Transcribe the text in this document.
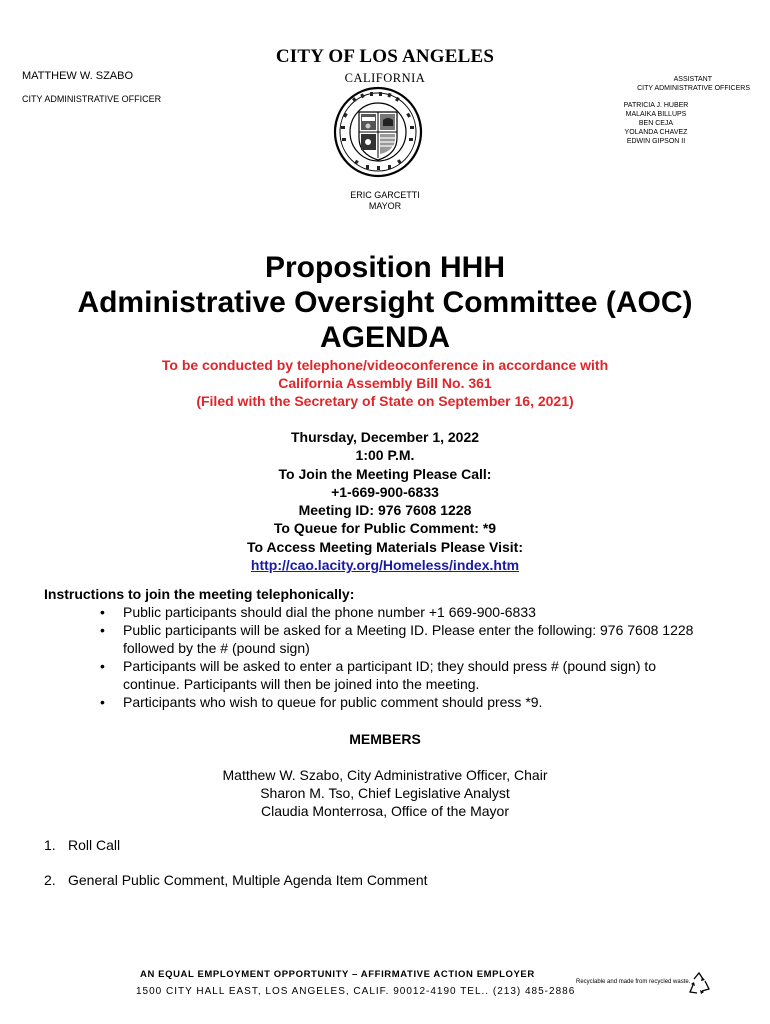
CITY OF LOS ANGELES
CALIFORNIA
MATTHEW W. SZABO
CITY ADMINISTRATIVE OFFICER
ASSISTANT
CITY ADMINISTRATIVE OFFICERS
PATRICIA J. HUBER
MALAIKA BILLUPS
BEN CEJA
YOLANDA CHAVEZ
EDWIN GIPSON II
ERIC GARCETTI
MAYOR
Proposition HHH
Administrative Oversight Committee (AOC)
AGENDA
To be conducted by telephone/videoconference in accordance with
California Assembly Bill No. 361
(Filed with the Secretary of State on September 16, 2021)
Thursday, December 1, 2022
1:00 P.M.
To Join the Meeting Please Call:
+1-669-900-6833
Meeting ID: 976 7608 1228
To Queue for Public Comment: *9
To Access Meeting Materials Please Visit:
http://cao.lacity.org/Homeless/index.htm
Instructions to join the meeting telephonically:
• Public participants should dial the phone number +1 669-900-6833
• Public participants will be asked for a Meeting ID. Please enter the following: 976 7608 1228 followed by the # (pound sign)
• Participants will be asked to enter a participant ID; they should press # (pound sign) to continue. Participants will then be joined into the meeting.
• Participants who wish to queue for public comment should press *9.
MEMBERS
Matthew W. Szabo, City Administrative Officer, Chair
Sharon M. Tso, Chief Legislative Analyst
Claudia Monterrosa, Office of the Mayor
1. Roll Call
2. General Public Comment, Multiple Agenda Item Comment
AN EQUAL EMPLOYMENT OPPORTUNITY – AFFIRMATIVE ACTION EMPLOYER
1500 CITY HALL EAST, LOS ANGELES, CALIF. 90012-4190 TEL.. (213) 485-2886
Recyclable and made from recycled waste.
